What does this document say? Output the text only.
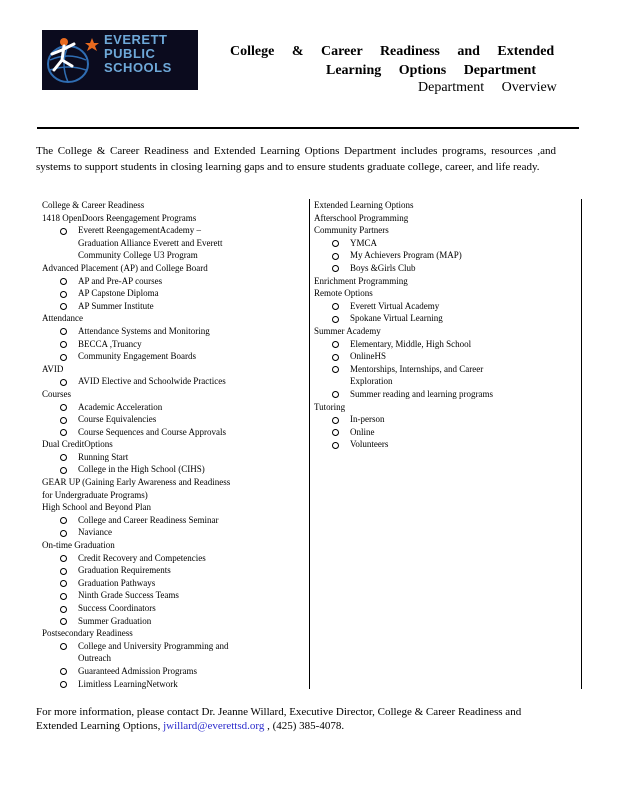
EVERETT
PUBLIC
SCHOOLS
College & Career Readiness and Extended
Learning Options Department
Department Overview
The College & Career Readiness and Extended Learning Options Department includes programs, resources ,and systems to support students in closing learning gaps and to ensure students graduate college, career, and life ready.
College & Career Readiness
1418 OpenDoors Reengagement Programs
Everett ReengagementAcademy –
Graduation Alliance Everett and Everett
Community College U3 Program
Advanced Placement (AP) and College Board
AP and Pre-AP courses
AP Capstone Diploma
AP Summer Institute
Attendance
Attendance Systems and Monitoring
BECCA ,Truancy
Community Engagement Boards
AVID
AVID Elective and Schoolwide Practices
Courses
Academic Acceleration
Course Equivalencies
Course Sequences and Course Approvals
Dual CreditOptions
Running Start
College in the High School (CIHS)
GEAR UP (Gaining Early Awareness and Readiness
for Undergraduate Programs)
High School and Beyond Plan
College and Career Readiness Seminar
Naviance
On-time Graduation
Credit Recovery and Competencies
Graduation Requirements
Graduation Pathways
Ninth Grade Success Teams
Success Coordinators
Summer Graduation
Postsecondary Readiness
College and University Programming and
Outreach
Guaranteed Admission Programs
Limitless LearningNetwork
Extended Learning Options
Afterschool Programming
Community Partners
YMCA
My Achievers Program (MAP)
Boys &Girls Club
Enrichment Programming
Remote Options
Everett Virtual Academy
Spokane Virtual Learning
Summer Academy
Elementary, Middle, High School
OnlineHS
Mentorships, Internships, and Career
Exploration
Summer reading and learning programs
Tutoring
In-person
Online
Volunteers
For more information, please contact Dr. Jeanne Willard, Executive Director, College & Career Readiness and Extended Learning Options, jwillard@everettsd.org , (425) 385-4078.
